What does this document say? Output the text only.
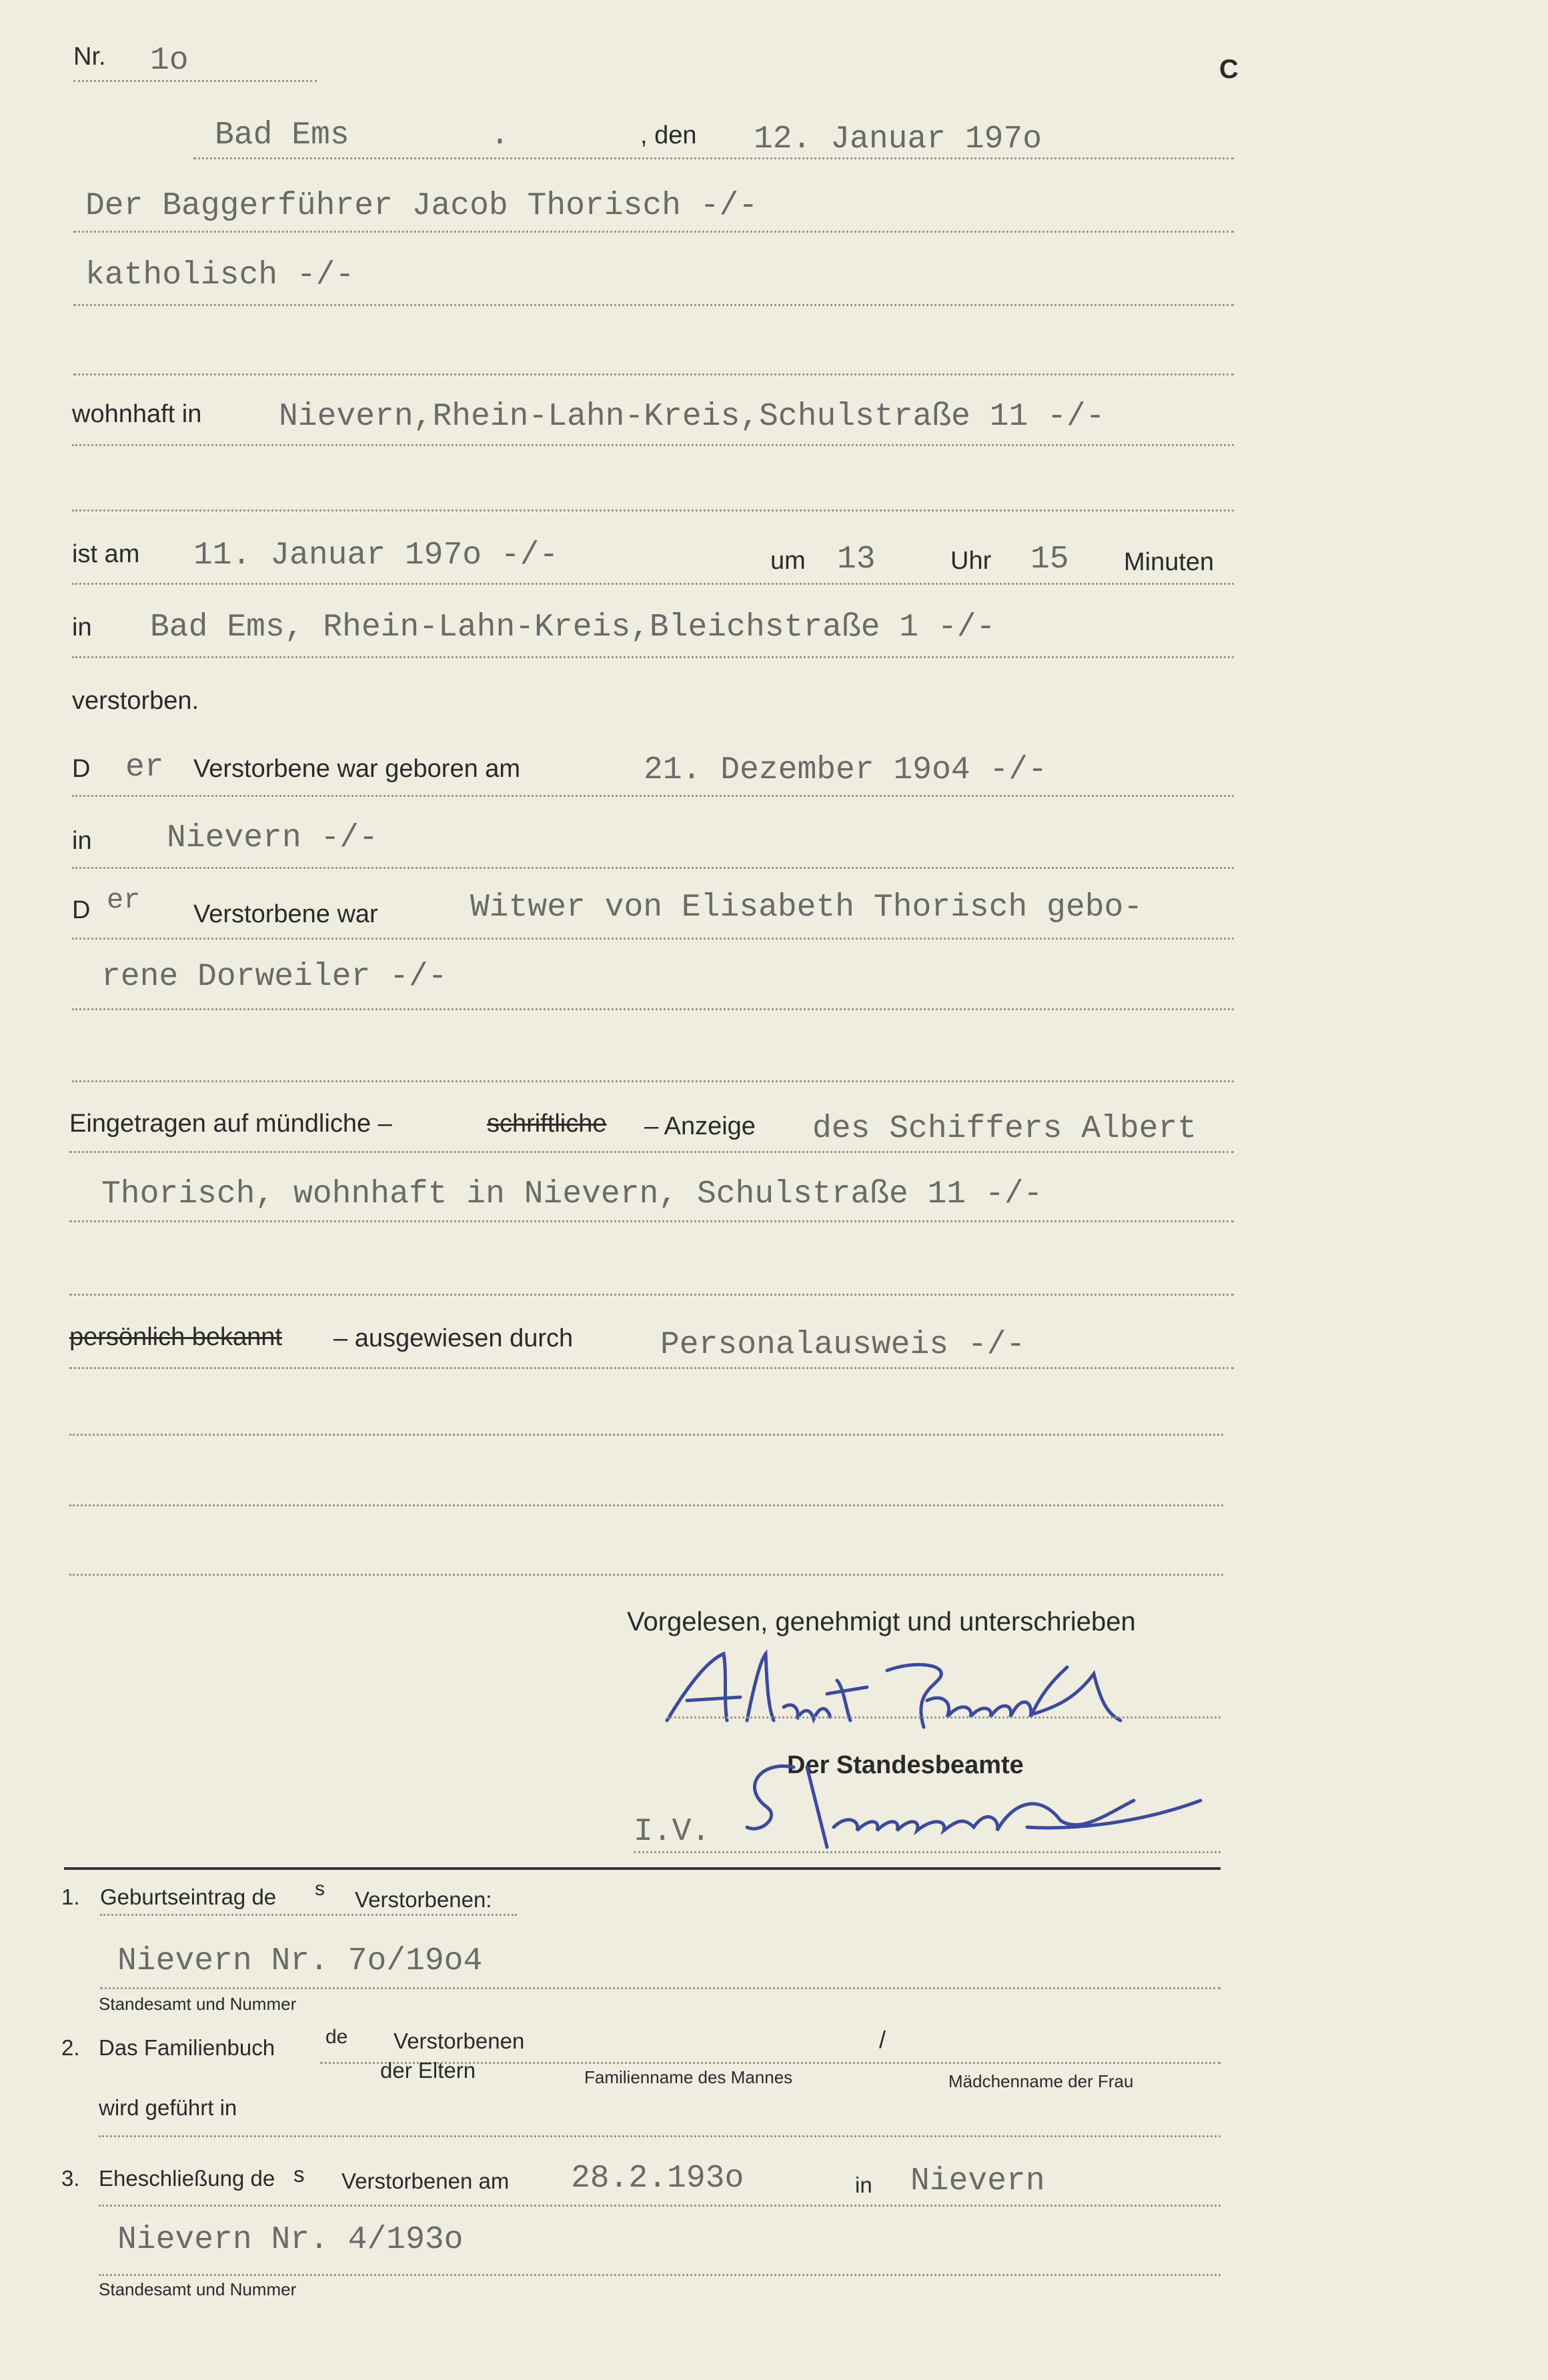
Nr. 1o	C
Bad Ems	.	, den 12. Januar 197o
Der Baggerführer Jacob Thorisch -/-
katholisch -/-
wohnhaft in Nievern,Rhein-Lahn-Kreis,Schulstraße 11 -/-
ist am 11. Januar 197o -/-	um 13	Uhr 15 Minuten
in Bad Ems, Rhein-Lahn-Kreis,Bleichstraße 1 -/-
verstorben.
D er Verstorbene war geboren am	21. Dezember 19o4 -/-
in Nievern -/-
D er Verstorbene war	Witwer von Elisabeth Thorisch gebo-
rene Dorweiler -/-
Eingetragen auf mündliche –	schriftliche – Anzeige des Schiffers Albert
Thorisch, wohnhaft in Nievern, Schulstraße 11 -/-
persönlich bekannt – ausgewiesen durch	Personalausweis -/-
Vorgelesen, genehmigt und unterschrieben
Der Standesbeamte
I.V.
1. Geburtseintrag de s Verstorbenen:
Nievern Nr. 7o/19o4
Standesamt und Nummer
2. Das Familienbuch	de Verstorbenen	/
der Eltern	Familienname des Mannes	Mädchenname der Frau
wird geführt in
3. Eheschließung de s Verstorbenen am 28.2.193o	in Nievern
Nievern Nr. 4/193o
Standesamt und Nummer
